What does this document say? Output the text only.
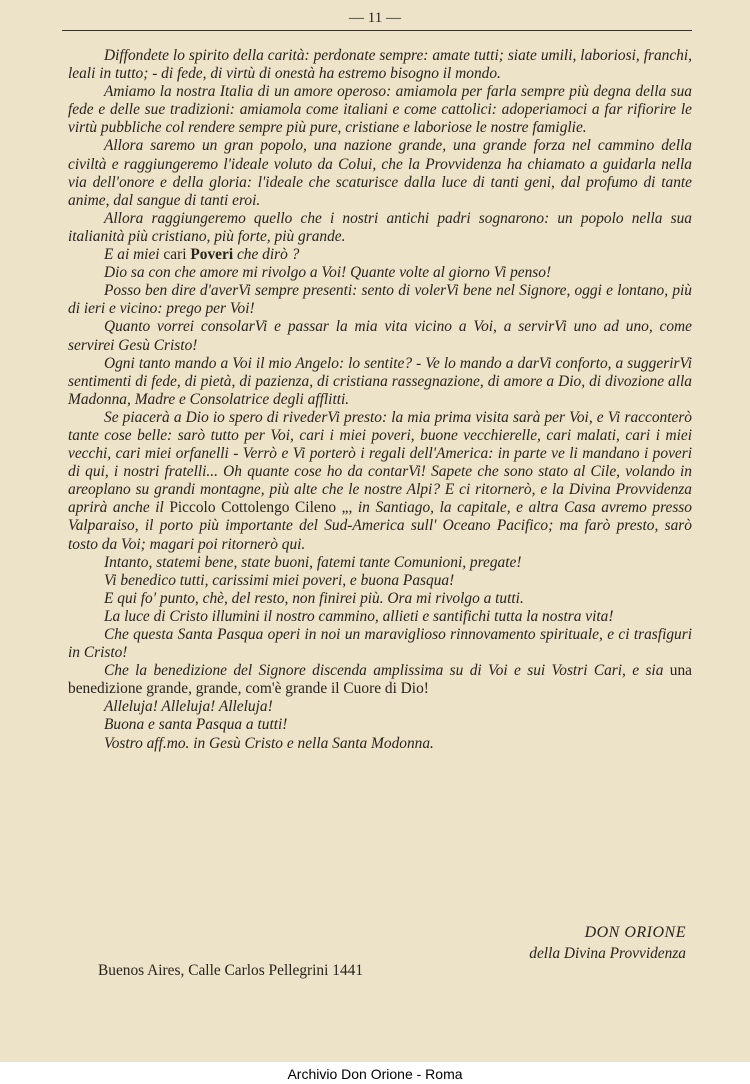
— 11 —

Diffondete lo spirito della carità: perdonate sempre: amate tutti; siate umili, laboriosi, franchi, leali in tutto; - di fede, di virtù di onestà ha estremo bisogno il mondo.

Amiamo la nostra Italia di un amore operoso: amiamola per farla sempre più degna della sua fede e delle sue tradizioni: amiamola come italiani e come cattolici: adoperiamoci a far rifiorire le virtù pubbliche col rendere sempre più pure, cristiane e laboriose le nostre famiglie.

Allora saremo un gran popolo, una nazione grande, una grande forza nel cammino della civiltà e raggiungeremo l'ideale voluto da Colui, che la Provvidenza ha chiamato a guidarla nella via dell'onore e della gloria: l'ideale che scaturisce dalla luce di tanti geni, dal profumo di tante anime, dal sangue di tanti eroi.

Allora raggiungeremo quello che i nostri antichi padri sognarono: un popolo nella sua italianità più cristiano, più forte, più grande.

E ai miei cari Poveri che dirò ?

Dio sa con che amore mi rivolgo a Voi! Quante volte al giorno Vi penso!

Posso ben dire d'averVi sempre presenti: sento di volerVi bene nel Signore, oggi e lontano, più di ieri e vicino: prego per Voi!

Quanto vorrei consolarVi e passar la mia vita vicino a Voi, a servirVi uno ad uno, come servirei Gesù Cristo!

Ogni tanto mando a Voi il mio Angelo: lo sentite? - Ve lo mando a darVi conforto, a suggerirVi sentimenti di fede, di pietà, di pazienza, di cristiana rassegnazione, di amore a Dio, di divozione alla Madonna, Madre e Consolatrice degli afflitti.

Se piacerà a Dio io spero di rivederVi presto: la mia prima visita sarà per Voi, e Vi racconterò tante cose belle: sarò tutto per Voi, cari i miei poveri, buone vecchierelle, cari malati, cari i miei vecchi, cari miei orfanelli - Verrò e Vi porterò i regali dell'America: in parte ve li mandano i poveri di qui, i nostri fratelli... Oh quante cose ho da contarVi! Sapete che sono stato al Cile, volando in areoplano su grandi montagne, più alte che le nostre Alpi? E ci ritornerò, e la Divina Provvidenza aprirà anche il Piccolo Cottolengo Cileno „, in Santiago, la capitale, e altra Casa avremo presso Valparaiso, il porto più importante del Sud-America sull' Oceano Pacifico; ma farò presto, sarò tosto da Voi; magari poi ritornerò qui.

Intanto, statemi bene, state buoni, fatemi tante Comunioni, pregate!

Vi benedico tutti, carissimi miei poveri, e buona Pasqua!

E qui fo' punto, chè, del resto, non finirei più. Ora mi rivolgo a tutti.

La luce di Cristo illumini il nostro cammino, allieti e santifichi tutta la nostra vita!

Che questa Santa Pasqua operi in noi un maraviglioso rinnovamento spirituale, e ci trasfiguri in Cristo!

Che la benedizione del Signore discenda amplissima su di Voi e sui Vostri Cari, e sia una benedizione grande, grande, com'è grande il Cuore di Dio!

Alleluja! Alleluja! Alleluja!

Buona e santa Pasqua a tutti!

Vostro aff.mo. in Gesù Cristo e nella Santa Modonna.

DON ORIONE
della Divina Provvidenza
Buenos Aires, Calle Carlos Pellegrini 1441
Archivio Don Orione - Roma
